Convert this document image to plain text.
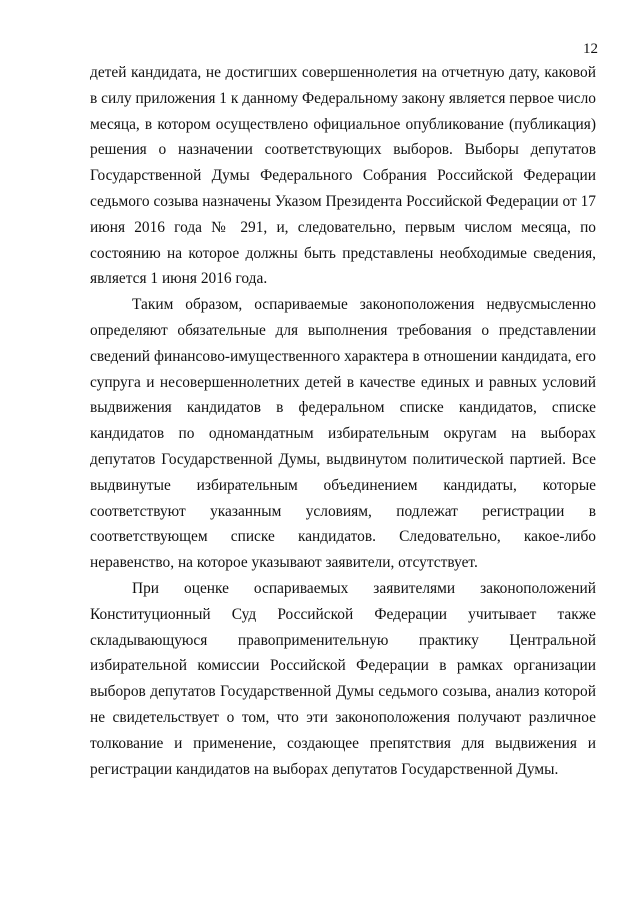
12

детей кандидата, не достигших совершеннолетия на отчетную дату, каковой в силу приложения 1 к данному Федеральному закону является первое число месяца, в котором осуществлено официальное опубликование (публикация) решения о назначении соответствующих выборов. Выборы депутатов Государственной Думы Федерального Собрания Российской Федерации седьмого созыва назначены Указом Президента Российской Федерации от 17 июня 2016 года № 291, и, следовательно, первым числом месяца, по состоянию на которое должны быть представлены необходимые сведения, является 1 июня 2016 года.

Таким образом, оспариваемые законоположения недвусмысленно определяют обязательные для выполнения требования о представлении сведений финансово-имущественного характера в отношении кандидата, его супруга и несовершеннолетних детей в качестве единых и равных условий выдвижения кандидатов в федеральном списке кандидатов, списке кандидатов по одномандатным избирательным округам на выборах депутатов Государственной Думы, выдвинутом политической партией. Все выдвинутые избирательным объединением кандидаты, которые соответствуют указанным условиям, подлежат регистрации в соответствующем списке кандидатов. Следовательно, какое-либо неравенство, на которое указывают заявители, отсутствует.

При оценке оспариваемых заявителями законоположений Конституционный Суд Российской Федерации учитывает также складывающуюся правоприменительную практику Центральной избирательной комиссии Российской Федерации в рамках организации выборов депутатов Государственной Думы седьмого созыва, анализ которой не свидетельствует о том, что эти законоположения получают различное толкование и применение, создающее препятствия для выдвижения и регистрации кандидатов на выборах депутатов Государственной Думы.
